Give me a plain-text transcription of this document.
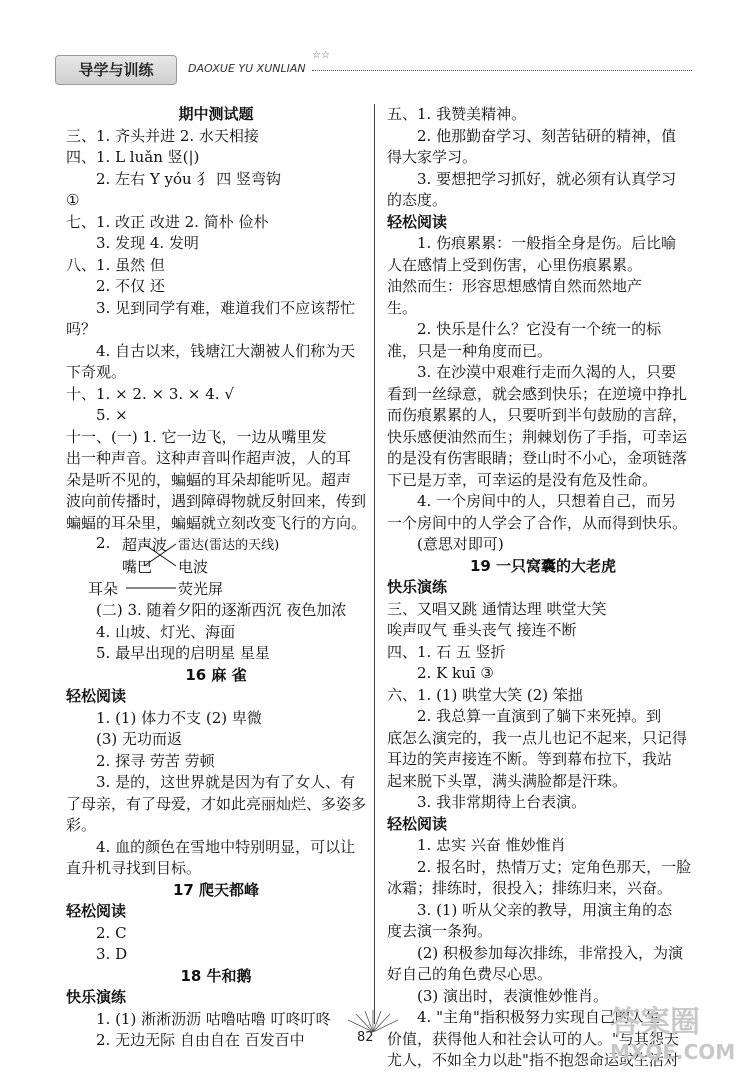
导学与训练	DAOXUE YU XUNLIAN
☆☆
期中测试题
三、1. 齐头并进 2. 水天相接
四、1. L luǎn 竖(|)
2. 左右 Y yóu 犭 四 竖弯钩
①
七、1. 改正 改进 2. 简朴 俭朴
3. 发现 4. 发明
八、1. 虽然 但
2. 不仅 还
3. 见到同学有难，难道我们不应该帮忙
吗？
4. 自古以来，钱塘江大潮被人们称为天
下奇观。
十、1. × 2. × 3. × 4. √
5. ×
十一、(一) 1. 它一边飞，一边从嘴里发
出一种声音。这种声音叫作超声波，人的耳
朵是听不见的，蝙蝠的耳朵却能听见。超声
波向前传播时，遇到障碍物就反射回来，传到
蝙蝠的耳朵里，蝙蝠就立刻改变飞行的方向。
2. 超声波
嘴巴
耳朵
雷达(雷达的天线)
电波
荧光屏
(二) 3. 随着夕阳的逐渐西沉 夜色加浓
4. 山坡、灯光、海面
5. 最早出现的启明星 星星
16 麻 雀
轻松阅读
1. (1) 体力不支 (2) 卑微
(3) 无功而返
2. 探寻 劳苦 劳顿
3. 是的，这世界就是因为有了女人、有
了母亲，有了母爱，才如此亮丽灿烂、多姿多
彩。
4. 血的颜色在雪地中特别明显，可以让
直升机寻找到目标。
17 爬天都峰
轻松阅读
2. C
3. D
18 牛和鹅
快乐演练
1. (1) 淅淅沥沥 咕噜咕噜 叮咚叮咚
2. 无边无际 自由自在 百发百中
五、1. 我赞美精神。
2. 他那勤奋学习、刻苦钻研的精神，值
得大家学习。
3. 要想把学习抓好，就必须有认真学习
的态度。
轻松阅读
1. 伤痕累累：一般指全身是伤。后比喻
人在感情上受到伤害，心里伤痕累累。
油然而生：形容思想感情自然而然地产
生。
2. 快乐是什么？它没有一个统一的标
准，只是一种角度而已。
3. 在沙漠中艰难行走而久渴的人，只要
看到一丝绿意，就会感到快乐；在逆境中挣扎
而伤痕累累的人，只要听到半句鼓励的言辞，
快乐感便油然而生；荆棘划伤了手指，可幸运
的是没有伤害眼睛；登山时不小心，金项链落
下已是万幸，可幸运的是没有危及性命。
4. 一个房间中的人，只想着自己，而另
一个房间中的人学会了合作，从而得到快乐。
(意思对即可)
19 一只窝囊的大老虎
快乐演练
三、又唱又跳 通情达理 哄堂大笑
唉声叹气 垂头丧气 接连不断
四、1. 石 五 竖折
2. K kuī ③
六、1. (1) 哄堂大笑 (2) 笨拙
2. 我总算一直演到了躺下来死掉。到
底怎么演完的，我一点儿也记不起来，只记得
耳边的笑声接连不断。等到幕布拉下，我站
起来脱下头罩，满头满脸都是汗珠。
3. 我非常期待上台表演。
轻松阅读
1. 忠实 兴奋 惟妙惟肖
2. 报名时，热情万丈；定角色那天，一脸
冰霜；排练时，很投入；排练归来，兴奋。
3. (1) 听从父亲的教导，用演主角的态
度去演一条狗。
(2) 积极参加每次排练，非常投入，为演
好自己的角色费尽心思。
(3) 演出时，表演惟妙惟肖。
4. "主角"指积极努力实现自己的人生
价值，获得他人和社会认可的人。"与其怨天
尤人，不如全力以赴"指不抱怨命运或生活对
82	答案圈
MXQE.COM
